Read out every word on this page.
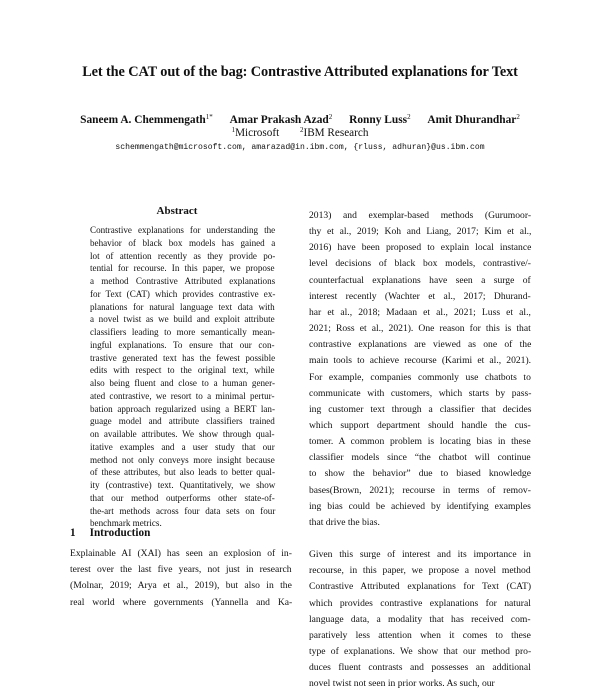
Let the CAT out of the bag: Contrastive Attributed explanations for Text
Saneem A. Chemmengath$^{1*}$ Amar Prakash Azad$^2$ Ronny Luss$^2$ Amit Dhurandhar$^2$
$^1$Microsoft	$^2$IBM Research
schemmengath@microsoft.com, amarazad@in.ibm.com, {rluss, adhuran}@us.ibm.com
Abstract
Contrastive explanations for understanding the
behavior of black box models has gained a
lot of attention recently as they provide po-
tential for recourse. In this paper, we propose
a method Contrastive Attributed explanations
for Text (CAT) which provides contrastive ex-
planations for natural language text data with
a novel twist as we build and exploit attribute
classifiers leading to more semantically mean-
ingful explanations. To ensure that our con-
trastive generated text has the fewest possible
edits with respect to the original text, while
also being fluent and close to a human gener-
ated contrastive, we resort to a minimal pertur-
bation approach regularized using a BERT lan-
guage model and attribute classifiers trained
on available attributes. We show through qual-
itative examples and a user study that our
method not only conveys more insight because
of these attributes, but also leads to better qual-
ity (contrastive) text. Quantitatively, we show
that our method outperforms other state-of-
the-art methods across four data sets on four
benchmark metrics.
1 Introduction
Explainable AI (XAI) has seen an explosion of in-
terest over the last five years, not just in research
(Molnar, 2019; Arya et al., 2019), but also in the
real world where governments (Yannella and Ka-
2013) and exemplar-based methods (Gurumoor-
thy et al., 2019; Koh and Liang, 2017; Kim et al.,
2016) have been proposed to explain local instance
level decisions of black box models, contrastive/-
counterfactual explanations have seen a surge of
interest recently (Wachter et al., 2017; Dhurand-
har et al., 2018; Madaan et al., 2021; Luss et al.,
2021; Ross et al., 2021). One reason for this is that
contrastive explanations are viewed as one of the
main tools to achieve recourse (Karimi et al., 2021).
For example, companies commonly use chatbots to
communicate with customers, which starts by pass-
ing customer text through a classifier that decides
which support department should handle the cus-
tomer. A common problem is locating bias in these
classifier models since “the chatbot will continue
to show the behavior” due to biased knowledge
bases(Brown, 2021); recourse in terms of remov-
ing bias could be achieved by identifying examples
that drive the bias.
Given this surge of interest and its importance in
recourse, in this paper, we propose a novel method
Contrastive Attributed explanations for Text (CAT)
which provides contrastive explanations for natural
language data, a modality that has received com-
paratively less attention when it comes to these
type of explanations. We show that our method pro-
duces fluent contrasts and possesses an additional
novel twist not seen in prior works. As such, our
